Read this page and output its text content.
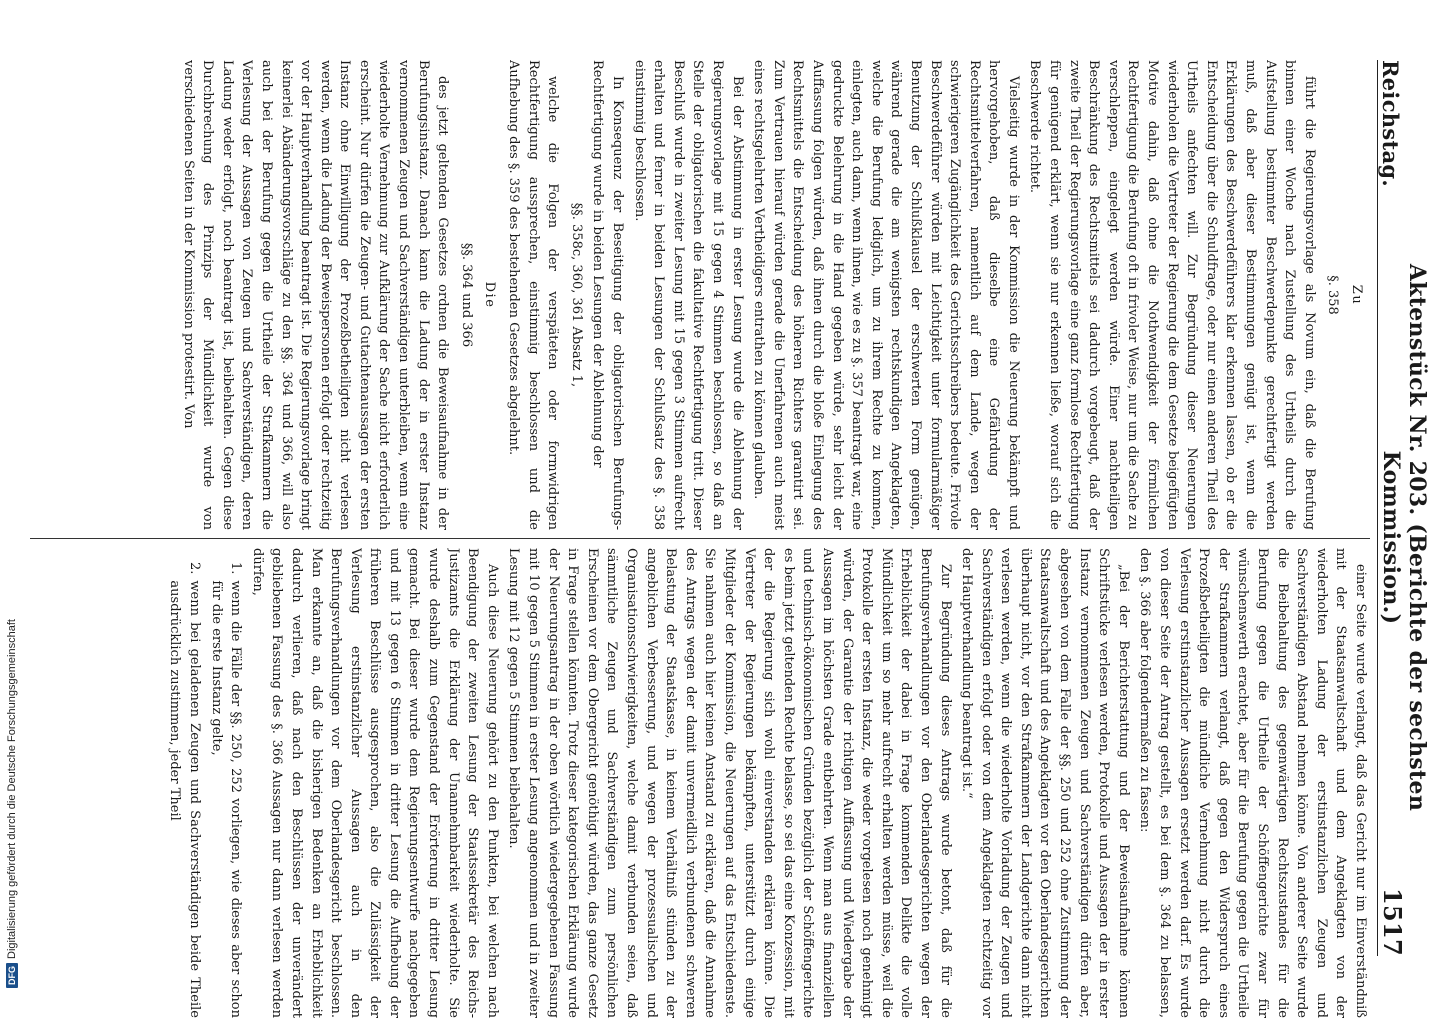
Reichstag.
Aktenstück Nr. 203. (Berichte der sechsten Kommission.)
1517
Zu
§. 358

führt die Regierungsvorlage als Novum ein, daß die Berufung binnen einer Woche nach Zustellung des Urtheils durch die Aufstellung bestimmter Beschwerdepunkte gerechtfertigt werden muß, daß aber dieser Bestimmungen genügt ist, wenn die Erklärungen des Beschwerdeführers klar erkennen lassen, ob er die Entscheidung über die Schuldfrage, oder nur einen anderen Theil des Urtheils anfechten will. Zur Begründung dieser Neuerungen wiederholen die Vertreter der Regierung die dem Gesetze beigefügten Motive dahin, daß ohne die Nothwendigkeit der förmlichen Rechtfertigung die Berufung oft in frivoler Weise, nur um die Sache zu verschleppen, eingelegt werden würde. Einer nachtheiligen Beschränkung des Rechtsmittels sei dadurch vorgebeugt, daß der zweite Theil der Regierungsvorlage eine ganz formlose Rechtfertigung für genügend erklärt, wenn sie nur erkennen ließe, worauf sich die Beschwerde richtet.

Vielseitig wurde in der Kommission die Neuerung bekämpft und hervorgehoben, daß dieselbe eine Gefährdung der Rechtsmittelverfahren, namentlich auf dem Lande, wegen der schwierigeren Zugänglichkeit des Gerichtsschreibers bedeute. Frivole Beschwerdeführer würden mit Leichtigkeit unter formularmäßiger Benutzung der Schlußklausel der erschwerten Form genügen, während gerade die am wenigsten rechtskundigen Angeklagten, welche die Berufung lediglich, um zu ihrem Rechte zu kommen, einlegten, auch dann, wenn ihnen, wie es zu §. 357 beantragt war, eine gedruckte Belehrung in die Hand gegeben würde, sehr leicht der Auffassung folgen würden, daß ihnen durch die bloße Einlegung des Rechtsmittels die Entscheidung des höheren Richters garantirt sei. Zum Vertrauen hierauf würden gerade die Unerfahrenen auch meist eines rechtsgelehrten Vertheidigers entrathen zu können glauben.

Bei der Abstimmung in erster Lesung wurde die Ablehnung der Regierungsvorlage mit 15 gegen 4 Stimmen beschlossen, so daß an Stelle der obligatorischen die fakultative Rechtfertigung tritt. Dieser Beschluß wurde in zweiter Lesung mit 15 gegen 3 Stimmen aufrecht erhalten und ferner in beiden Lesungen der Schlußsatz des §. 358 einstimmig beschlossen.

In Konsequenz der Beseitigung der obligatorischen Berufungs-Rechtfertigung wurde in beiden Lesungen der Ablehnung der

§§. 358c, 360, 361 Absatz 1,

welche die Folgen der verspäteten oder formwidrigen Rechtfertigung aussprechen, einstimmig beschlossen und die Aufhebung des §. 359 des bestehenden Gesetzes abgelehnt.

Die
§§. 364 und 366

des jetzt geltenden Gesetzes ordnen die Beweisaufnahme in der Berufungsinstanz. Danach kann die Ladung der in erster Instanz vernommenen Zeugen und Sachverständigen unterbleiben, wenn eine wiederholte Vernehmung zur Aufklärung der Sache nicht erforderlich erscheint. Nur dürfen die Zeugen- und Gutachtenaussagen der ersten Instanz ohne Einwilligung der Prozeßbetheiligten nicht verlesen werden, wenn die Ladung der Beweispersonen erfolgt oder rechtzeitig vor der Hauptverhandlung beantragt ist. Die Regierungsvorlage bringt keinerlei Abänderungsvorschläge zu den §§. 364 und 366, will also auch bei der Berufung gegen die Urtheile der Strafkammern die Verlesung der Aussagen von Zeugen und Sachverständigen, deren Ladung weder erfolgt, noch beantragt ist, beibehalten. Gegen diese Durchbrechung des Prinzips der Mündlichkeit wurde von verschiedenen Seiten in der Kommission protestirt. Von

einer Seite wurde verlangt, daß das Gericht nur im Einverständniß mit der Staatsanwaltschaft und dem Angeklagten von der wiederholten Ladung der erstinstanzlichen Zeugen und Sachverständigen Abstand nehmen könne. Von anderer Seite wurde die Beibehaltung des gegenwärtigen Rechtszustandes für die Berufung gegen die Urtheile der Schöffengerichte zwar für wünschenswerth erachtet, aber für die Berufung gegen die Urtheile der Strafkammern verlangt, daß gegen den Widerspruch eines Prozeßbetheiligten die mündliche Vernehmung nicht durch die Verlesung erstinstanzlicher Aussagen ersetzt werden darf. Es wurde von dieser Seite der Antrag gestellt, es bei dem §. 364 zu belassen, den §. 366 aber folgendermaßen zu fassen:

„Bei der Berichterstattung und der Beweisaufnahme können Schriftstücke verlesen werden, Protokolle und Aussagen der in erster Instanz vernommenen Zeugen und Sachverständigen dürfen aber, abgesehen von dem Falle der §§. 250 und 252 ohne Zustimmung der Staatsanwaltschaft und des Angeklagten vor den Oberlandesgerichten überhaupt nicht, vor den Strafkammern der Landgerichte dann nicht verlesen werden, wenn die wiederholte Vorladung der Zeugen und Sachverständigen erfolgt oder von dem Angeklagten rechtzeitig vor der Hauptverhandlung beantragt ist.“

Zur Begründung dieses Antrags wurde betont, daß für die Berufungsverhandlungen vor den Oberlandesgerichten wegen der Erheblichkeit der dabei in Frage kommenden Delikte die volle Mündlichkeit um so mehr aufrecht erhalten werden müsse, weil die Protokolle der ersten Instanz, die weder vorgelesen noch genehmigt würden, der Garantie der richtigen Auffassung und Wiedergabe der Aussagen im höchsten Grade entbehrten. Wenn man aus finanziellen und technisch-ökonomischen Gründen bezüglich der Schöffengerichte es beim jetzt geltenden Rechte belasse, so sei das eine Konzession, mit der die Regierung sich wohl einverstanden erklären könne. Die Vertreter der Regierungen bekämpften, unterstützt durch einige Mitglieder der Kommission, die Neuerungen auf das Entschiedenste. Sie nahmen auch hier keinen Anstand zu erklären, daß die Annahme des Antrags wegen der damit unvermeidlich verbundenen schweren Belastung der Staatskasse, in keinem Verhältniß stünden zu der angeblichen Verbesserung, und wegen der prozessualischen und Organisationsschwierigkeiten, welche damit verbunden seien, daß sämmtliche Zeugen und Sachverständigen zum persönlichen Erscheinen vor dem Obergericht genöthigt würden, das ganze Gesetz in Frage stellen könnten. Trotz dieser kategorischen Erklärung wurde der Neuerungsantrag in der oben wörtlich wiedergegebenen Fassung mit 10 gegen 5 Stimmen in erster Lesung angenommen und in zweiter Lesung mit 12 gegen 5 Stimmen beibehalten.

Auch diese Neuerung gehört zu den Punkten, bei welchen nach Beendigung der zweiten Lesung der Staatssekretär des Reichs-Justizamts die Erklärung der Unannehmbarkeit wiederholte. Sie wurde deshalb zum Gegenstand der Erörterung in dritter Lesung gemacht. Bei dieser wurde dem Regierungsentwurfe nachgegeben und mit 13 gegen 6 Stimmen in dritter Lesung die Aufhebung der früheren Beschlüsse ausgesprochen, also die Zulässigkeit der Verlesung erstinstanzlicher Aussagen auch in den Berufungsverhandlungen vor dem Oberlandesgericht beschlossen. Man erkannte an, daß die bisherigen Bedenken an Erheblichkeit dadurch verlieren, daß nach den Beschlüssen der unverändert gebliebenen Fassung des §. 366 Aussagen nur dann verlesen werden dürfen,

1.
wenn die Fälle der §§. 250, 252 vorliegen, wie dieses aber schon für die erste Instanz gelte,
2.
wenn bei geladenen Zeugen und Sachverständigen beide Theile ausdrücklich zustimmen, jeder Theil
DFGDigitalisierung gefördert durch die Deutsche Forschungsgemeinschaft
